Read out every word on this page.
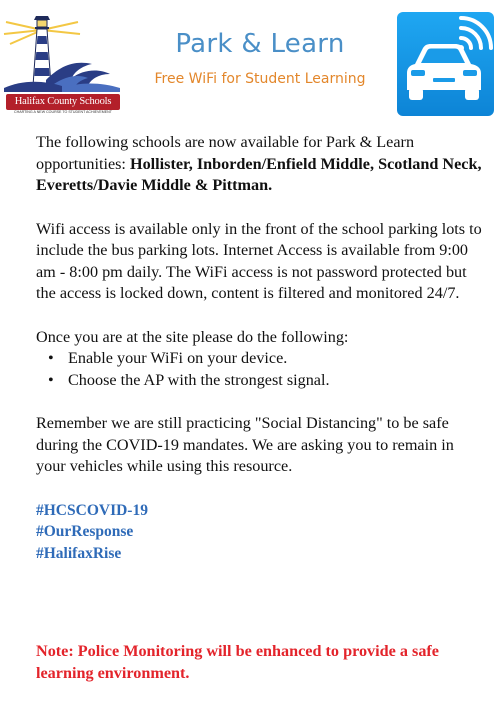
Halifax County Schools
CHARTING A NEW COURSE TO STUDENT ACHIEVEMENT
Park & Learn
Free WiFi for Student Learning

The following schools are now available for Park & Learn opportunities: Hollister, Inborden/Enfield Middle, Scotland Neck, Everetts/Davie Middle & Pittman.

Wifi access is available only in the front of the school parking lots to include the bus parking lots. Internet Access is available from 9:00 am - 8:00 pm daily. The WiFi access is not password protected but the access is locked down, content is filtered and monitored 24/7.

Once you are at the site please do the following:

• Enable your WiFi on your device.
• Choose the AP with the strongest signal.

Remember we are still practicing "Social Distancing" to be safe during the COVID-19 mandates. We are asking you to remain in your vehicles while using this resource.

#HCSCOVID-19
#OurResponse
#HalifaxRise
Note: Police Monitoring will be enhanced to provide a safe learning environment.
